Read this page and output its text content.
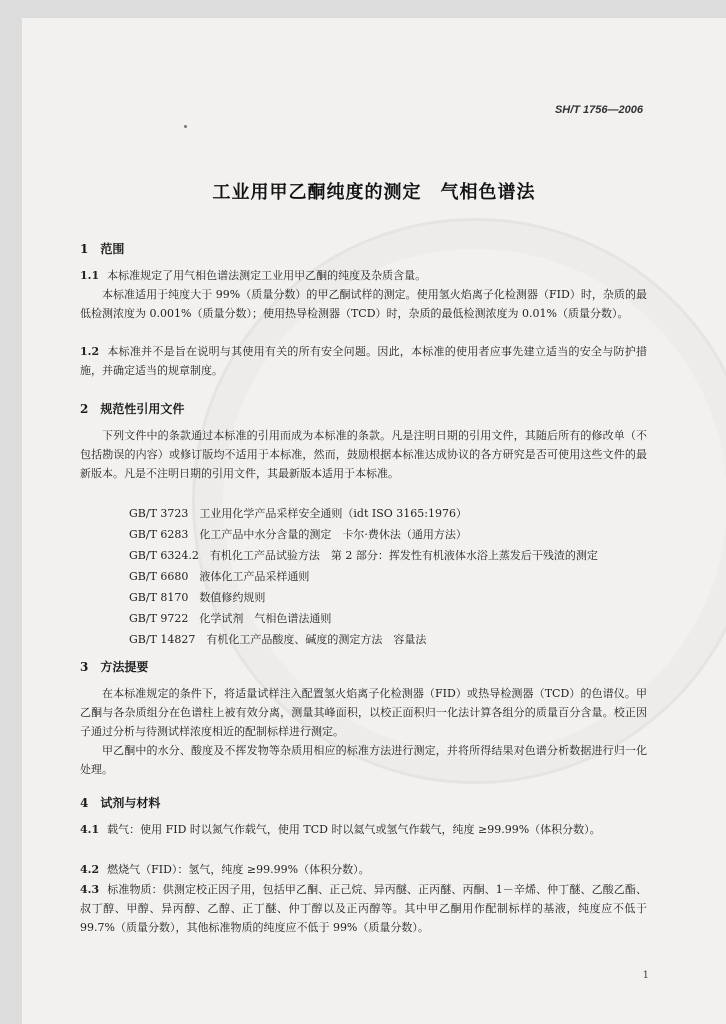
SH/T 1756—2006
工业用甲乙酮纯度的测定　气相色谱法
1　范围
1.1 本标准规定了用气相色谱法测定工业用甲乙酮的纯度及杂质含量。
本标准适用于纯度大于 99%（质量分数）的甲乙酮试样的测定。使用氢火焰离子化检测器（FID）时，杂质的最低检测浓度为 0.001%（质量分数）；使用热导检测器（TCD）时，杂质的最低检测浓度为 0.01%（质量分数）。
1.2 本标准并不是旨在说明与其使用有关的所有安全问题。因此，本标准的使用者应事先建立适当的安全与防护措施，并确定适当的规章制度。
2　规范性引用文件
下列文件中的条款通过本标准的引用而成为本标准的条款。凡是注明日期的引用文件，其随后所有的修改单（不包括勘误的内容）或修订版均不适用于本标准，然而，鼓励根据本标准达成协议的各方研究是否可使用这些文件的最新版本。凡是不注明日期的引用文件，其最新版本适用于本标准。
GB/T 3723　工业用化学产品采样安全通则（idt ISO 3165:1976）
GB/T 6283　化工产品中水分含量的测定　卡尔·费休法（通用方法）
GB/T 6324.2　有机化工产品试验方法　第 2 部分：挥发性有机液体水浴上蒸发后干残渣的测定
GB/T 6680　液体化工产品采样通则
GB/T 8170　数值修约规则
GB/T 9722　化学试剂　气相色谱法通则
GB/T 14827　有机化工产品酸度、碱度的测定方法　容量法
3　方法提要
在本标准规定的条件下，将适量试样注入配置氢火焰离子化检测器（FID）或热导检测器（TCD）的色谱仪。甲乙酮与各杂质组分在色谱柱上被有效分离，测量其峰面积，以校正面积归一化法计算各组分的质量百分含量。校正因子通过分析与待测试样浓度相近的配制标样进行测定。
甲乙酮中的水分、酸度及不挥发物等杂质用相应的标准方法进行测定，并将所得结果对色谱分析数据进行归一化处理。
4　试剂与材料
4.1 载气：使用 FID 时以氮气作载气，使用 TCD 时以氦气或氢气作载气，纯度 ≥99.99%（体积分数）。
4.2 燃烧气（FID）：氢气，纯度 ≥99.99%（体积分数）。
4.3 标准物质：供测定校正因子用，包括甲乙酮、正己烷、异丙醚、正丙醚、丙酮、1－辛烯、仲丁醚、乙酸乙酯、叔丁醇、甲醇、异丙醇、乙醇、正丁醚、仲丁醇以及正丙醇等。其中甲乙酮用作配制标样的基液，纯度应不低于 99.7%（质量分数），其他标准物质的纯度应不低于 99%（质量分数）。
1
